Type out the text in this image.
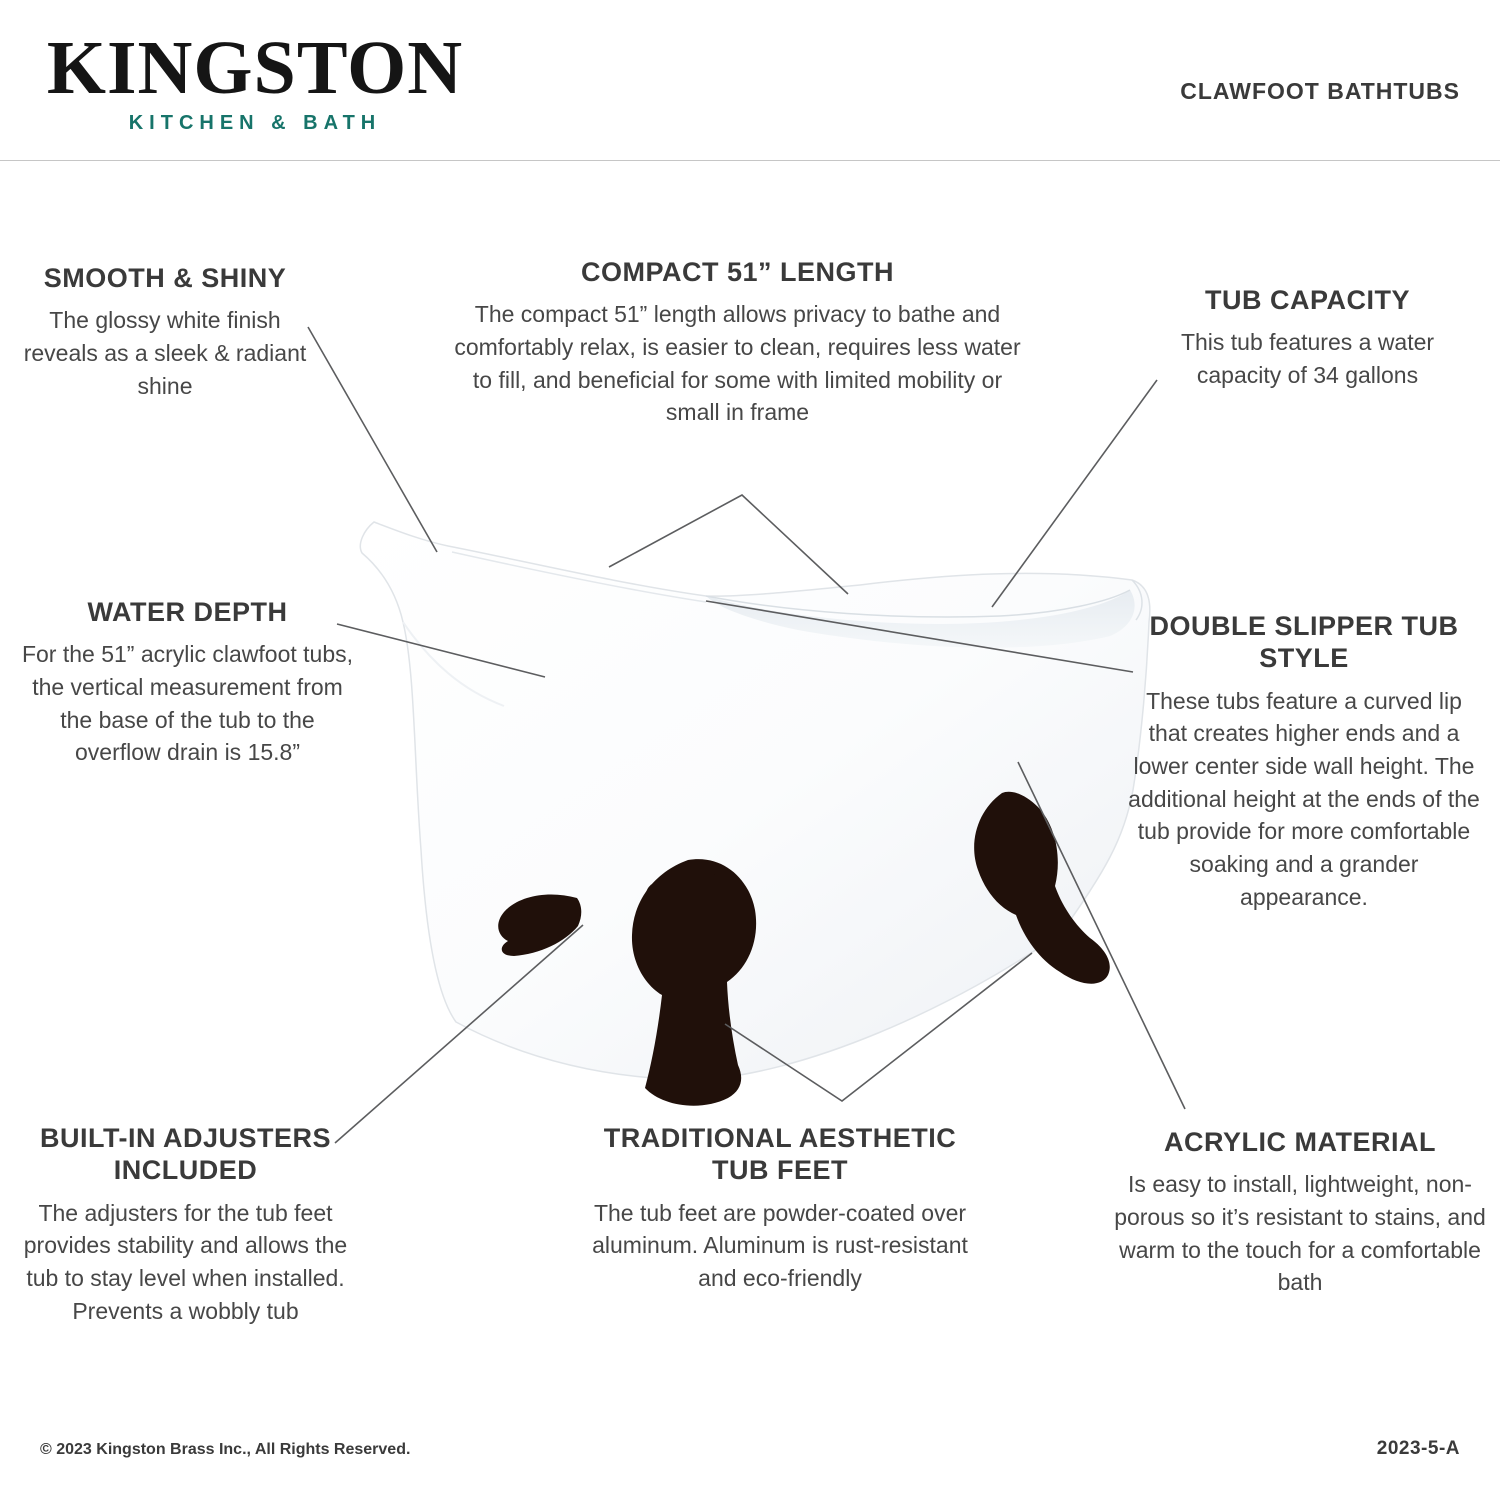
KINGSTON
KITCHEN & BATH
CLAWFOOT BATHTUBS
SMOOTH & SHINY

The glossy white finish reveals as a sleek & radiant shine

COMPACT 51” LENGTH

The compact 51” length allows privacy to bathe and comfortably relax, is easier to clean, requires less water to fill, and beneficial for some with limited mobility or small in frame

TUB CAPACITY

This tub features a water capacity of 34 gallons

WATER DEPTH

For the 51” acrylic clawfoot tubs, the vertical measurement from the base of the tub to the overflow drain is 15.8”

DOUBLE SLIPPER TUB STYLE

These tubs feature a curved lip that creates higher ends and a lower center side wall height. The additional height at the ends of the tub provide for more comfortable soaking and a grander appearance.

BUILT-IN ADJUSTERS INCLUDED

The adjusters for the tub feet provides stability and allows the tub to stay level when installed. Prevents a wobbly tub

TRADITIONAL AESTHETIC TUB FEET

The tub feet are powder-coated over aluminum. Aluminum is rust-resistant and eco-friendly

ACRYLIC MATERIAL

Is easy to install, lightweight, non-porous so it’s resistant to stains, and warm to the touch for a comfortable bath

© 2023 Kingston Brass Inc., All Rights Reserved.	2023-5-A
